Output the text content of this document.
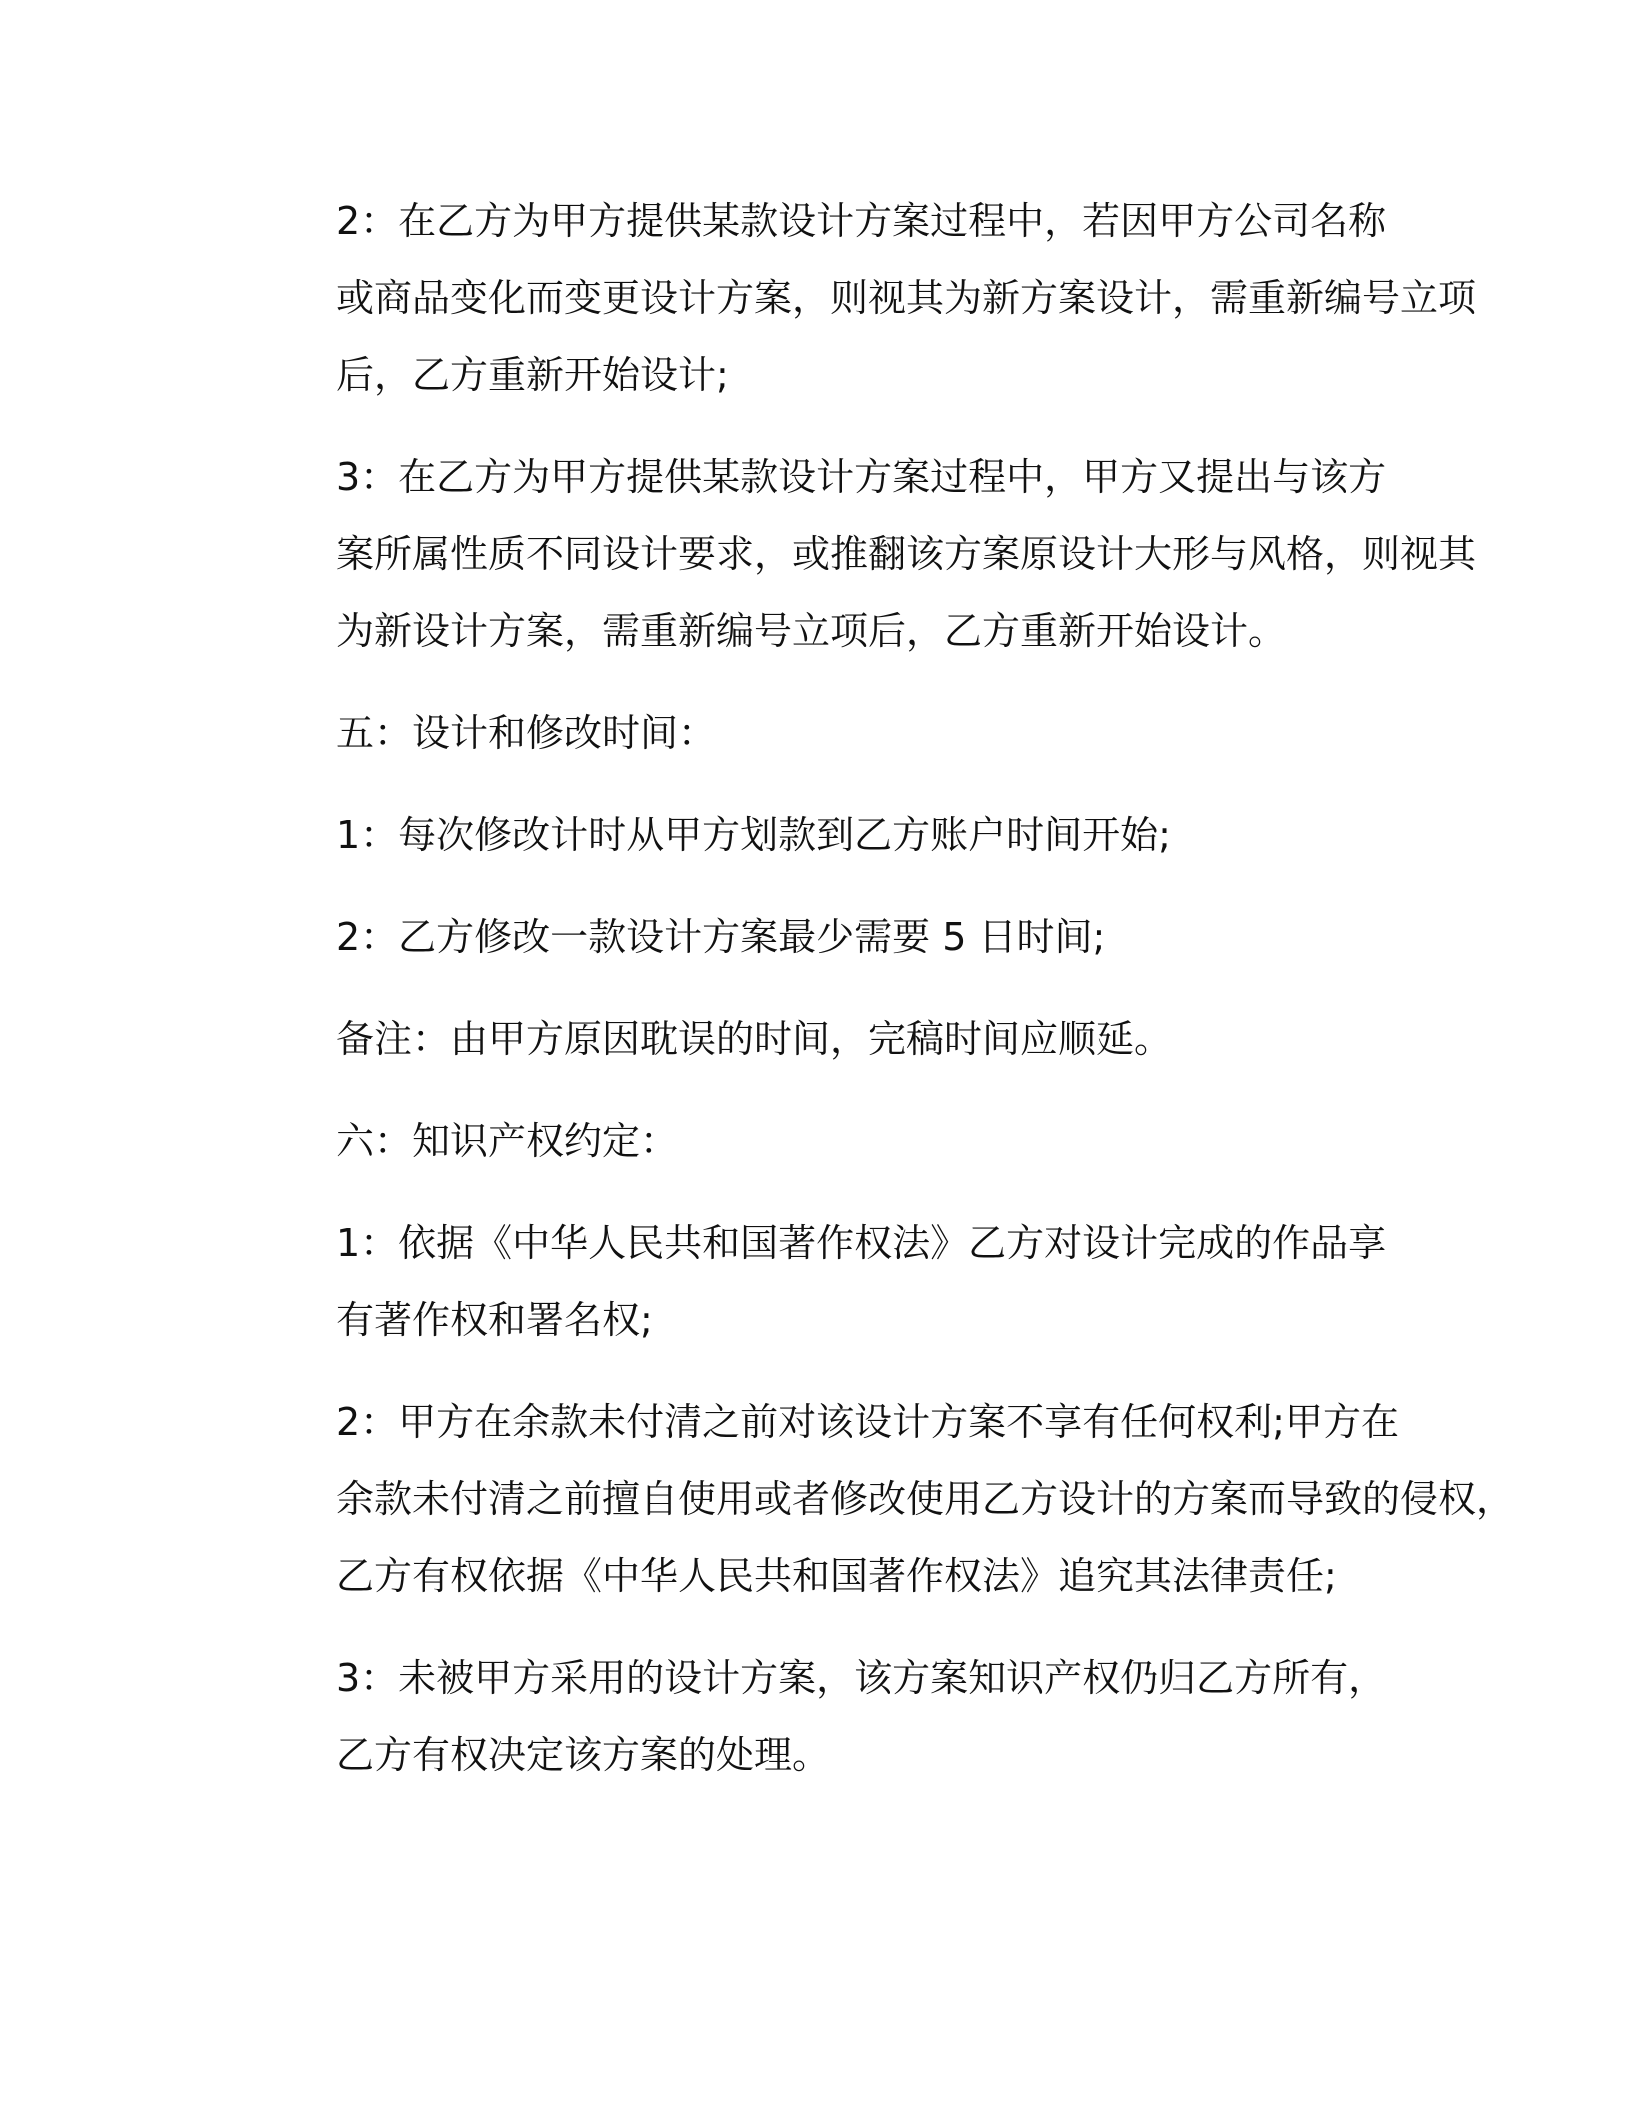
2：在乙方为甲方提供某款设计方案过程中，若因甲方公司名称
或商品变化而变更设计方案，则视其为新方案设计，需重新编号立项
后，乙方重新开始设计;

3：在乙方为甲方提供某款设计方案过程中，甲方又提出与该方
案所属性质不同设计要求，或推翻该方案原设计大形与风格，则视其
为新设计方案，需重新编号立项后，乙方重新开始设计。

五：设计和修改时间：

1：每次修改计时从甲方划款到乙方账户时间开始;

2：乙方修改一款设计方案最少需要 5 日时间;

备注：由甲方原因耽误的时间，完稿时间应顺延。

六：知识产权约定：

1：依据《中华人民共和国著作权法》乙方对设计完成的作品享
有著作权和署名权;

2：甲方在余款未付清之前对该设计方案不享有任何权利;甲方在
余款未付清之前擅自使用或者修改使用乙方设计的方案而导致的侵权，
乙方有权依据《中华人民共和国著作权法》追究其法律责任;

3：未被甲方采用的设计方案，该方案知识产权仍归乙方所有，
乙方有权决定该方案的处理。
